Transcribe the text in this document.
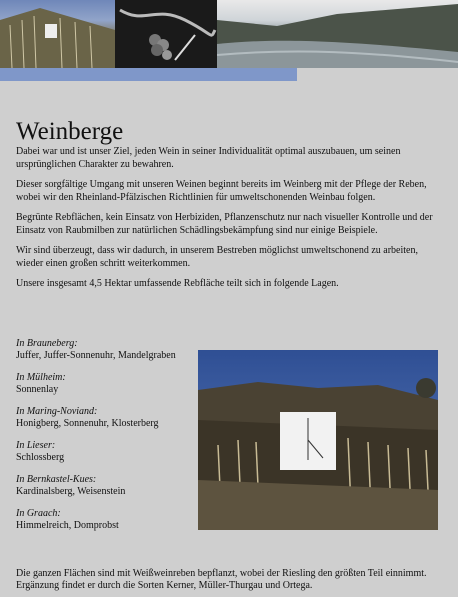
Weinberge

Dabei war und ist unser Ziel, jeden Wein in seiner Individualität optimal auszubauen, um seinen ursprünglichen Charakter zu bewahren.

Dieser sorgfältige Umgang mit unseren Weinen beginnt bereits im Weinberg mit der Pflege der Reben, wobei wir den Rheinland-Pfälzischen Richtlinien für umweltschonenden Weinbau folgen.

Begrünte Rebflächen, kein Einsatz von Herbiziden, Pflanzenschutz nur nach visueller Kontrolle und der Einsatz von Raubmilben zur natürlichen Schädlingsbekämpfung sind nur einige Beispiele.

Wir sind überzeugt, dass wir dadurch, in unserem Bestreben möglichst umweltschonend zu arbeiten, wieder einen großen schritt weiterkommen.

Unsere insgesamt 4,5 Hektar umfassende Rebfläche teilt sich in folgende Lagen.

In Brauneberg:
Juffer, Juffer-Sonnenuhr, Mandelgraben
In Mülheim:
Sonnenlay
In Maring-Noviand:
Honigberg, Sonnenuhr, Klosterberg
In Lieser:
Schlossberg
In Bernkastel-Kues:
Kardinalsberg, Weisenstein
In Graach:
Himmelreich, Domprobst
Die ganzen Flächen sind mit Weißweinreben bepflanzt, wobei der Riesling den größten Teil einnimmt. Ergänzung findet er durch die Sorten Kerner, Müller-Thurgau und Ortega.
